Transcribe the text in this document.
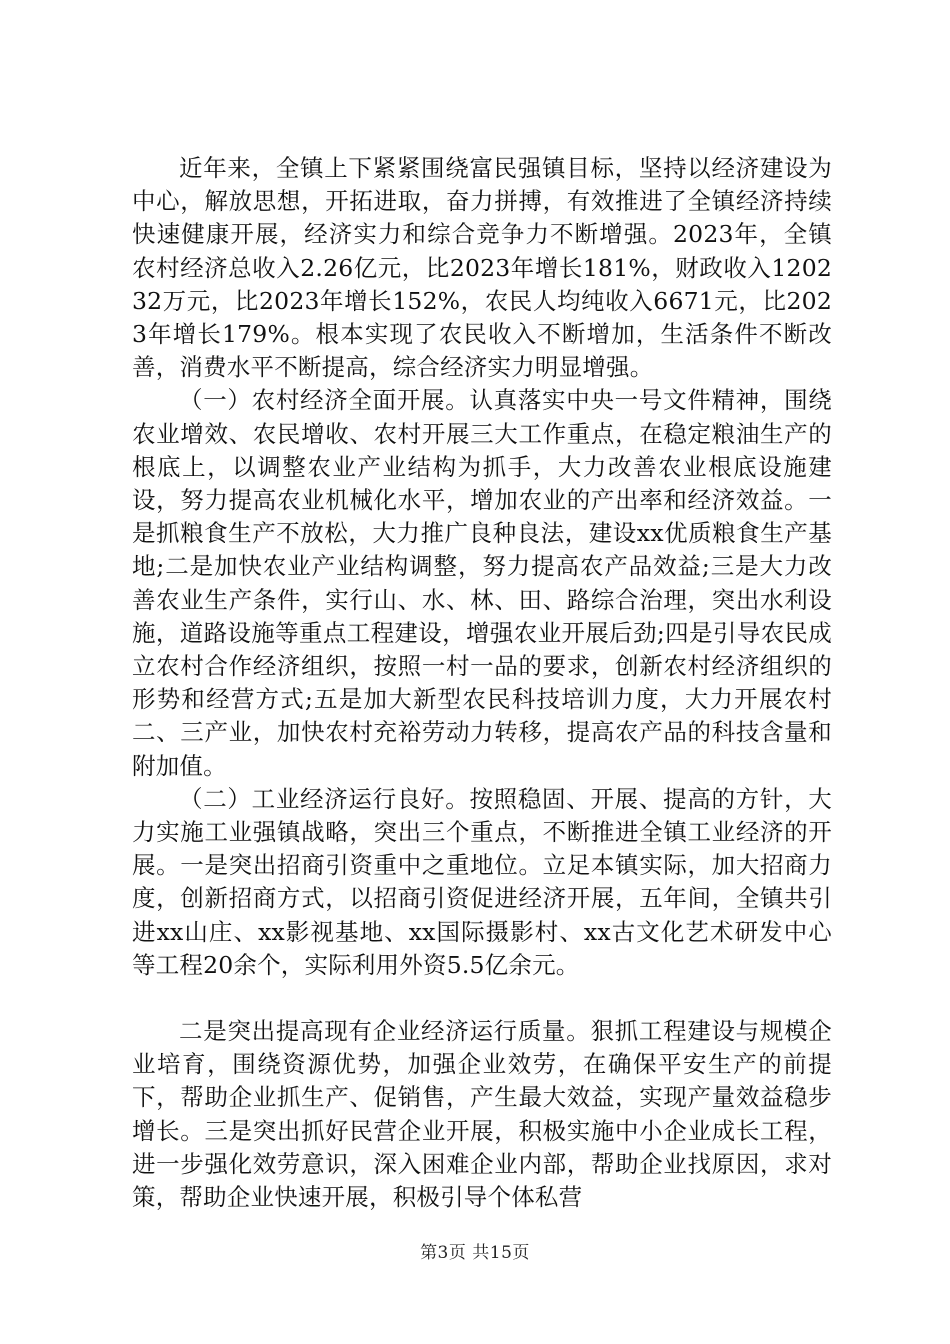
近年来，全镇上下紧紧围绕富民强镇目标，坚持以经济建设为中心，解放思想，开拓进取，奋力拼搏，有效推进了全镇经济持续快速健康开展，经济实力和综合竞争力不断增强。2023年，全镇农村经济总收入2.26亿元，比2023年增长181%，财政收入120232万元，比2023年增长152%，农民人均纯收入6671元，比2023年增长179%。根本实现了农民收入不断增加，生活条件不断改善，消费水平不断提高，综合经济实力明显增强。

（一）农村经济全面开展。认真落实中央一号文件精神，围绕农业增效、农民增收、农村开展三大工作重点，在稳定粮油生产的根底上，以调整农业产业结构为抓手，大力改善农业根底设施建设，努力提高农业机械化水平，增加农业的产出率和经济效益。一是抓粮食生产不放松，大力推广良种良法，建设xx优质粮食生产基地;二是加快农业产业结构调整，努力提高农产品效益;三是大力改善农业生产条件，实行山、水、林、田、路综合治理，突出水利设施，道路设施等重点工程建设，增强农业开展后劲;四是引导农民成立农村合作经济组织，按照一村一品的要求，创新农村经济组织的形势和经营方式;五是加大新型农民科技培训力度，大力开展农村二、三产业，加快农村充裕劳动力转移，提高农产品的科技含量和附加值。

（二）工业经济运行良好。按照稳固、开展、提高的方针，大力实施工业强镇战略，突出三个重点，不断推进全镇工业经济的开展。一是突出招商引资重中之重地位。立足本镇实际，加大招商力度，创新招商方式，以招商引资促进经济开展，五年间，全镇共引进xx山庄、xx影视基地、xx国际摄影村、xx古文化艺术研发中心等工程20余个，实际利用外资5.5亿余元。

二是突出提高现有企业经济运行质量。狠抓工程建设与规模企业培育，围绕资源优势，加强企业效劳，在确保平安生产的前提下，帮助企业抓生产、促销售，产生最大效益，实现产量效益稳步增长。三是突出抓好民营企业开展，积极实施中小企业成长工程，进一步强化效劳意识，深入困难企业内部，帮助企业找原因，求对策，帮助企业快速开展，积极引导个体私营

第3页 共15页
